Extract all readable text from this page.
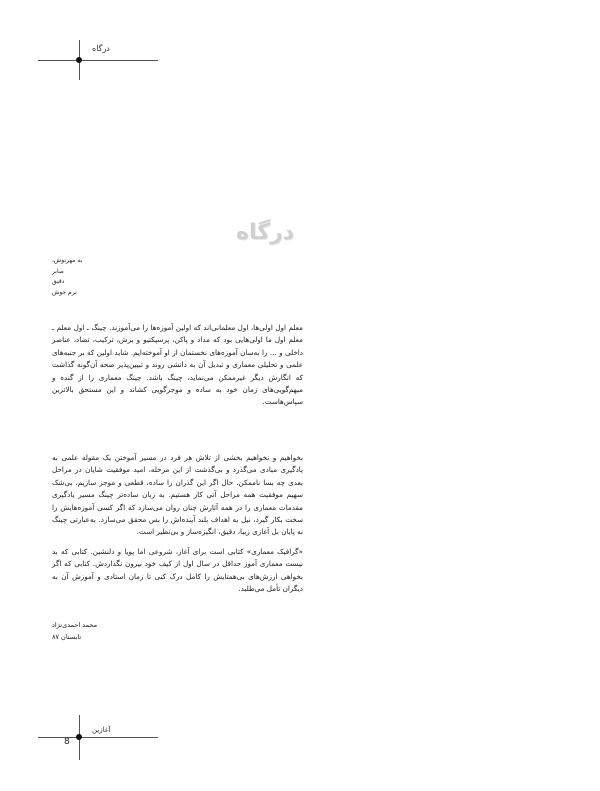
درگاه
درگاه
به مهرنوش،
صابر
دقیق
نرم جوش

معلم اول اولی‌ها، اول معلمانی‌اند که اولین آموزه‌ها را می‌آموزند. چینگ ـ اول معلم ـ معلم اول ما اولی‌هایی بود که مداد و پاکن، پرسپکتیو و برش، ترکیب، تضاد، عناصر داخلی و ... را به‌سان آموزه‌های نخستمان از او آموخته‌ایم. شاید اولین که بر جنبه‌های علمی و تحلیلی معماری و تبدیل آن به دانشی روند و تبیین‌پذیر صحه آن‌گونه گذاشت که انگارش دیگر غیرممکن می‌نماید، چینگ باشد. چینگ معماری را از گنده و مبهم‌گویی‌های زمان خود به ساده و موجزگویی کشاند و این مستحق بالاترین سپاس‌هاست.

بخواهیم و نخواهیم بخشی از تلاش هر فرد در مسیر آموختن یک مقوله علمی به یادگیری مبادی می‌گذرد و بی‌گذشت از این مرحله، امید موفقیت شایان در مراحل بعدی چه بسا ناممکن. حال اگر این گذران را ساده، قطعی و موجز سازیم، بی‌شک سهیم موفقیت همه مراحل آتی کار هستیم. به زبان ساده‌تر چینگ مسیر یادگیری مقدمات معماری را در همه آثارش چنان روان می‌سازد که اگر کسی آموزه‌هایش را سخت بکار گیرد، نیل به اهداف بلند آینده‌اش را بس محقق می‌سازد. به‌عبارتی چینگ نه پایان بل آغازی زیبا، دقیق، انگیزه‌ساز و بی‌نظیر است.

«گرافیک معماری» کتابی است برای آغاز، شروعی اما پویا و دلنشین. کتابی که بد نیست معماری آموز حداقل در سال اول از کیف خود بیرون نگذاردش. کتابی که اگر بخواهی ارزش‌های بی‌همتایش را کامل درک کنی تا زمان استادی و آموزش آن به دیگران تأمل می‌طلبد.

محمد احمدی‌نژاد
تابستان ۸۷
آغازین
8
